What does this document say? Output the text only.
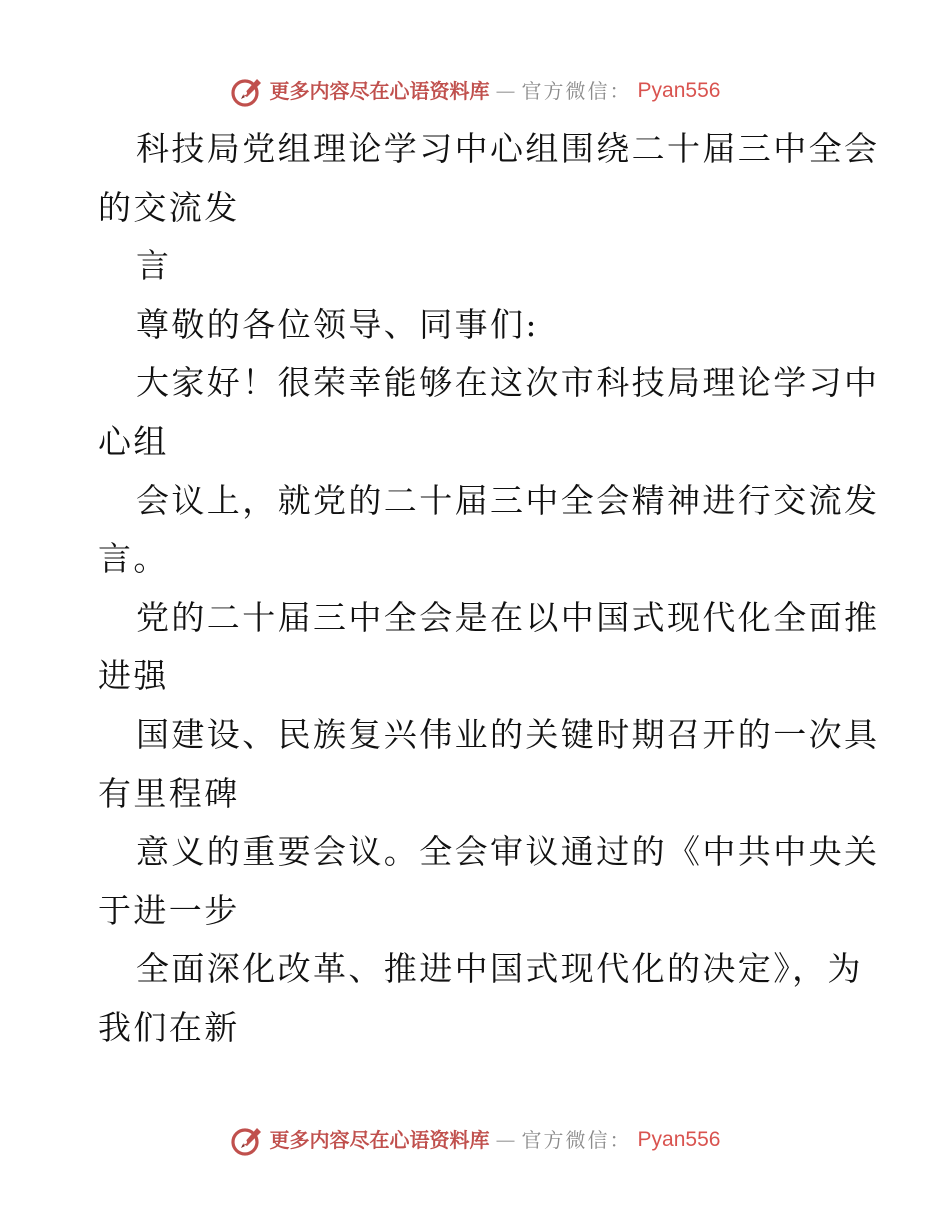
更多内容尽在心语资料库 — 官方微信： Pyan556
科技局党组理论学习中心组围绕二十届三中全会
的交流发
言
尊敬的各位领导、同事们:
大家好！很荣幸能够在这次市科技局理论学习中
心组
会议上，就党的二十届三中全会精神进行交流发
言。
党的二十届三中全会是在以中国式现代化全面推
进强
国建设、民族复兴伟业的关键时期召开的一次具
有里程碑
意义的重要会议。全会审议通过的《中共中央关
于进一步
全面深化改革、推进中国式现代化的决定》，为
我们在新
更多内容尽在心语资料库 — 官方微信： Pyan556
